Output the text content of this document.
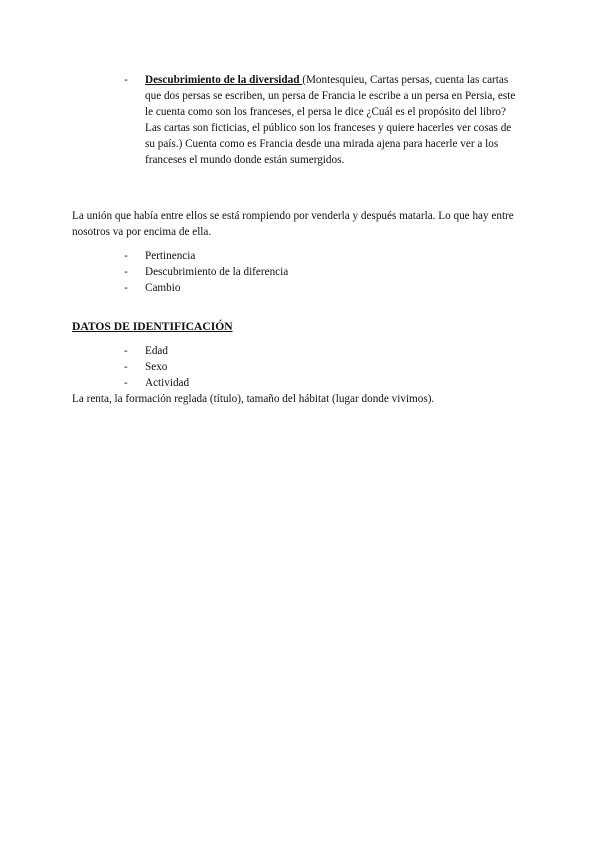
-	Descubrimiento de la diversidad (Montesquieu, Cartas persas, cuenta las cartas que dos persas se escriben, un persa de Francia le escribe a un persa en Persia, este le cuenta como son los franceses, el persa le dice ¿Cuál es el propósito del libro? Las cartas son ficticias, el público son los franceses y quiere hacerles ver cosas de su país.) Cuenta como es Francia desde una mirada ajena para hacerle ver a los franceses el mundo donde están sumergidos.
La unión que había entre ellos se está rompiendo por venderla y después matarla. Lo que hay entre nosotros va por encima de ella.
-	Pertinencia
-	Descubrimiento de la diferencia
-	Cambio
DATOS DE IDENTIFICACIÓN
-	Edad
-	Sexo
-	Actividad
La renta, la formación reglada (título), tamaño del hábitat (lugar donde vivimos).
